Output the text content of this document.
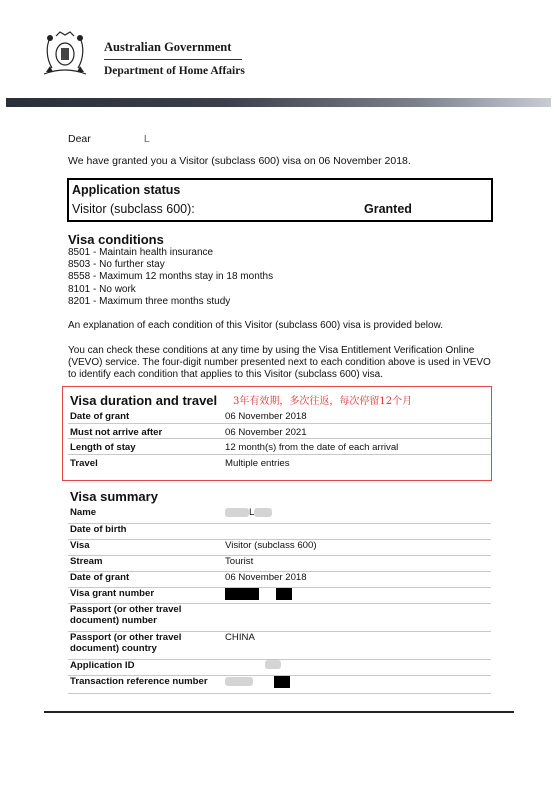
Australian Government
Department of Home Affairs
Dear	L
We have granted you a Visitor (subclass 600) visa on 06 November 2018.
Application status
Visitor (subclass 600):	Granted
Visa conditions
8501 - Maintain health insurance
8503 - No further stay
8558 - Maximum 12 months stay in 18 months
8101 - No work
8201 - Maximum three months study
An explanation of each condition of this Visitor (subclass 600) visa is provided below.
You can check these conditions at any time by using the Visa Entitlement Verification Online (VEVO) service. The four-digit number presented next to each condition above is used in VEVO to identify each condition that applies to this Visitor (subclass 600) visa.
Visa duration and travel 3年有效期，多次往返，每次停留12个月
Date of grant	06 November 2018
Must not arrive after	06 November 2021
Length of stay	12 month(s) from the date of each arrival
Travel	Multiple entries
Visa summary
Name	L
Date of birth	
Visa	Visitor (subclass 600)
Stream	Tourist
Date of grant	06 November 2018
Visa grant number	
Passport (or other travel document) number	
Passport (or other travel document) country	CHINA
Application ID	
Transaction reference number	
